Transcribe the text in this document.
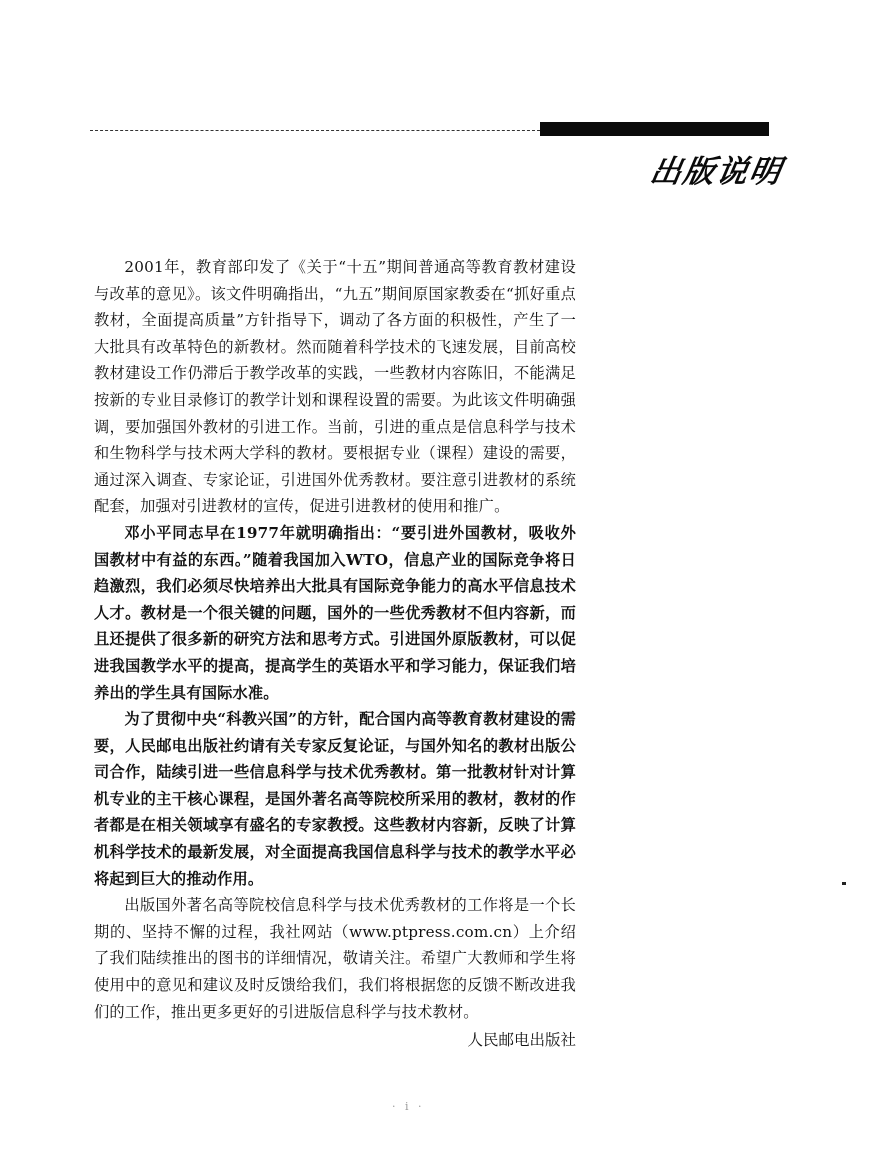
出版说明

2001年，教育部印发了《关于“十五”期间普通高等教育教材建设与改革的意见》。该文件明确指出，“九五”期间原国家教委在“抓好重点教材，全面提高质量”方针指导下，调动了各方面的积极性，产生了一大批具有改革特色的新教材。然而随着科学技术的飞速发展，目前高校教材建设工作仍滞后于教学改革的实践，一些教材内容陈旧，不能满足按新的专业目录修订的教学计划和课程设置的需要。为此该文件明确强调，要加强国外教材的引进工作。当前，引进的重点是信息科学与技术和生物科学与技术两大学科的教材。要根据专业（课程）建设的需要，通过深入调查、专家论证，引进国外优秀教材。要注意引进教材的系统配套，加强对引进教材的宣传，促进引进教材的使用和推广。

邓小平同志早在1977年就明确指出：“要引进外国教材，吸收外国教材中有益的东西。”随着我国加入WTO，信息产业的国际竞争将日趋激烈，我们必须尽快培养出大批具有国际竞争能力的高水平信息技术人才。教材是一个很关键的问题，国外的一些优秀教材不但内容新，而且还提供了很多新的研究方法和思考方式。引进国外原版教材，可以促进我国教学水平的提高，提高学生的英语水平和学习能力，保证我们培养出的学生具有国际水准。

为了贯彻中央“科教兴国”的方针，配合国内高等教育教材建设的需要，人民邮电出版社约请有关专家反复论证，与国外知名的教材出版公司合作，陆续引进一些信息科学与技术优秀教材。第一批教材针对计算机专业的主干核心课程，是国外著名高等院校所采用的教材，教材的作者都是在相关领域享有盛名的专家教授。这些教材内容新，反映了计算机科学技术的最新发展，对全面提高我国信息科学与技术的教学水平必将起到巨大的推动作用。

出版国外著名高等院校信息科学与技术优秀教材的工作将是一个长期的、坚持不懈的过程，我社网站（www.ptpress.com.cn）上介绍了我们陆续推出的图书的详细情况，敬请关注。希望广大教师和学生将使用中的意见和建议及时反馈给我们，我们将根据您的反馈不断改进我们的工作，推出更多更好的引进版信息科学与技术教材。

人民邮电出版社

· i ·
